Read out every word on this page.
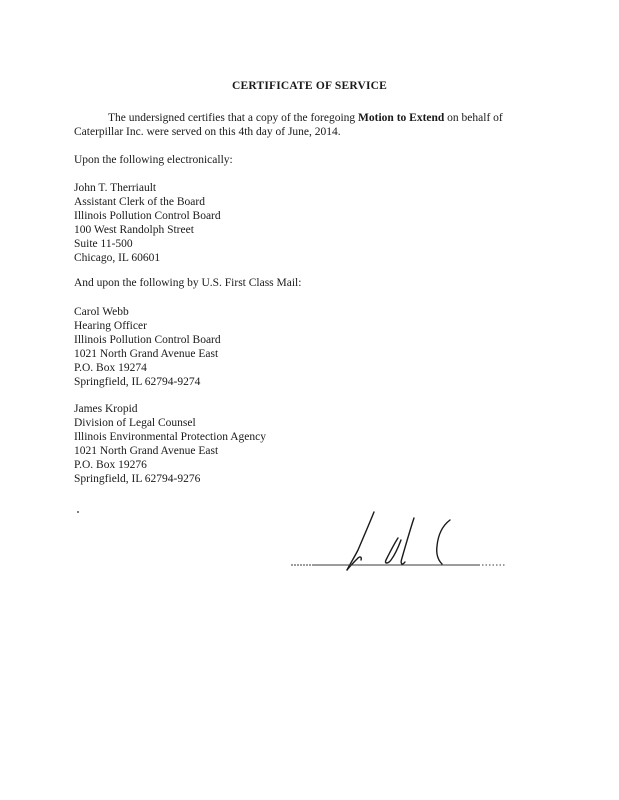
CERTIFICATE OF SERVICE
The undersigned certifies that a copy of the foregoing Motion to Extend on behalf of Caterpillar Inc. were served on this 4th day of June, 2014.
Upon the following electronically:
John T. Therriault
Assistant Clerk of the Board
Illinois Pollution Control Board
100 West Randolph Street
Suite 11-500
Chicago, IL 60601
And upon the following by U.S. First Class Mail:
Carol Webb
Hearing Officer
Illinois Pollution Control Board
1021 North Grand Avenue East
P.O. Box 19274
Springfield, IL 62794-9274
James Kropid
Division of Legal Counsel
Illinois Environmental Protection Agency
1021 North Grand Avenue East
P.O. Box 19276
Springfield, IL 62794-9276
